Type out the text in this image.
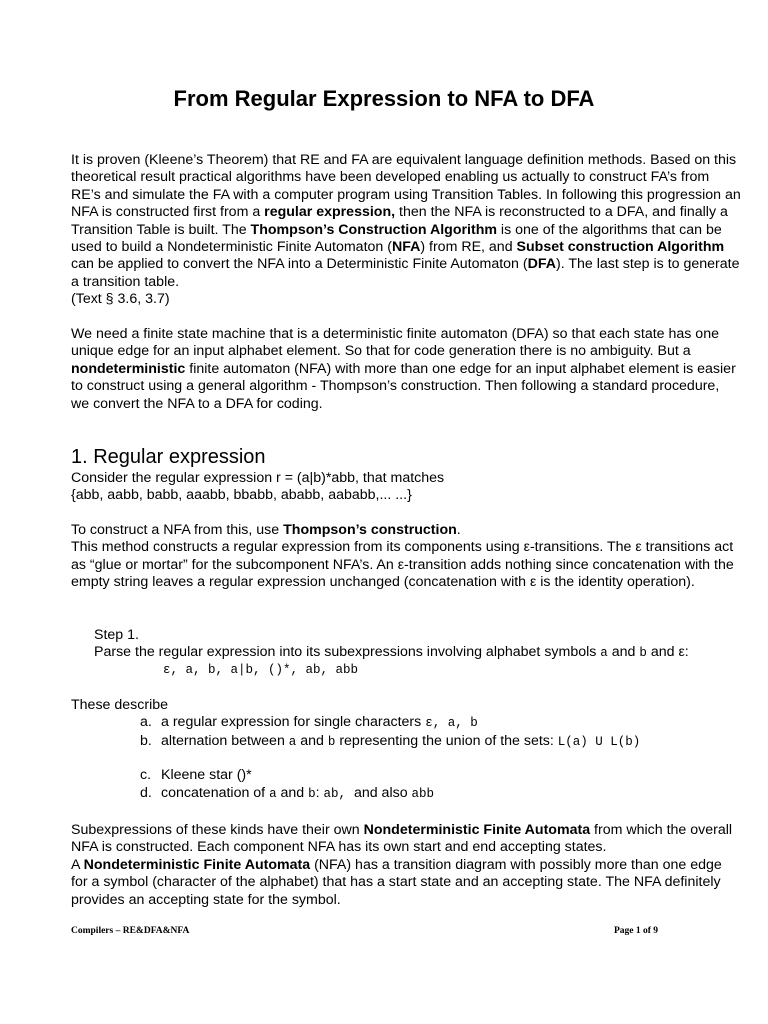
From Regular Expression to NFA to DFA
It is proven (Kleene’s Theorem) that RE and FA are equivalent language definition methods. Based on this theoretical result practical algorithms have been developed enabling us actually to construct FA’s from RE’s and simulate the FA with a computer program using Transition Tables. In following this progression an NFA is constructed first from a regular expression, then the NFA is reconstructed to a DFA, and finally a Transition Table is built. The Thompson’s Construction Algorithm is one of the algorithms that can be used to build a Nondeterministic Finite Automaton (NFA) from RE, and Subset construction Algorithm can be applied to convert the NFA into a Deterministic Finite Automaton (DFA). The last step is to generate a transition table.
(Text § 3.6, 3.7)
We need a finite state machine that is a deterministic finite automaton (DFA) so that each state has one unique edge for an input alphabet element. So that for code generation there is no ambiguity. But a nondeterministic finite automaton (NFA) with more than one edge for an input alphabet element is easier to construct using a general algorithm - Thompson’s construction. Then following a standard procedure, we convert the NFA to a DFA for coding.
1. Regular expression
Consider the regular expression r = (a|b)*abb, that matches
{abb, aabb, babb, aaabb, bbabb, ababb, aababb,... ...}
To construct a NFA from this, use Thompson’s construction.
This method constructs a regular expression from its components using ε-transitions. The ε transitions act as “glue or mortar” for the subcomponent NFA’s. An ε-transition adds nothing since concatenation with the empty string leaves a regular expression unchanged (concatenation with ε is the identity operation).
Step 1.
Parse the regular expression into its subexpressions involving alphabet symbols a and b and ε:
ε, a, b, a|b, ()*, ab, abb
These describe
a. a regular expression for single characters ε, a, b
b. alternation between a and b representing the union of the sets: L(a) U L(b)
c. Kleene star ()*
d. concatenation of a and b: ab,  and also abb
Subexpressions of these kinds have their own Nondeterministic Finite Automata from which the overall NFA is constructed. Each component NFA has its own start and end accepting states.
A Nondeterministic Finite Automata (NFA) has a transition diagram with possibly more than one edge for a symbol (character of the alphabet) that has a start state and an accepting state. The NFA definitely provides an accepting state for the symbol.
Compilers – RE&DFA&NFA	Page 1 of 9
